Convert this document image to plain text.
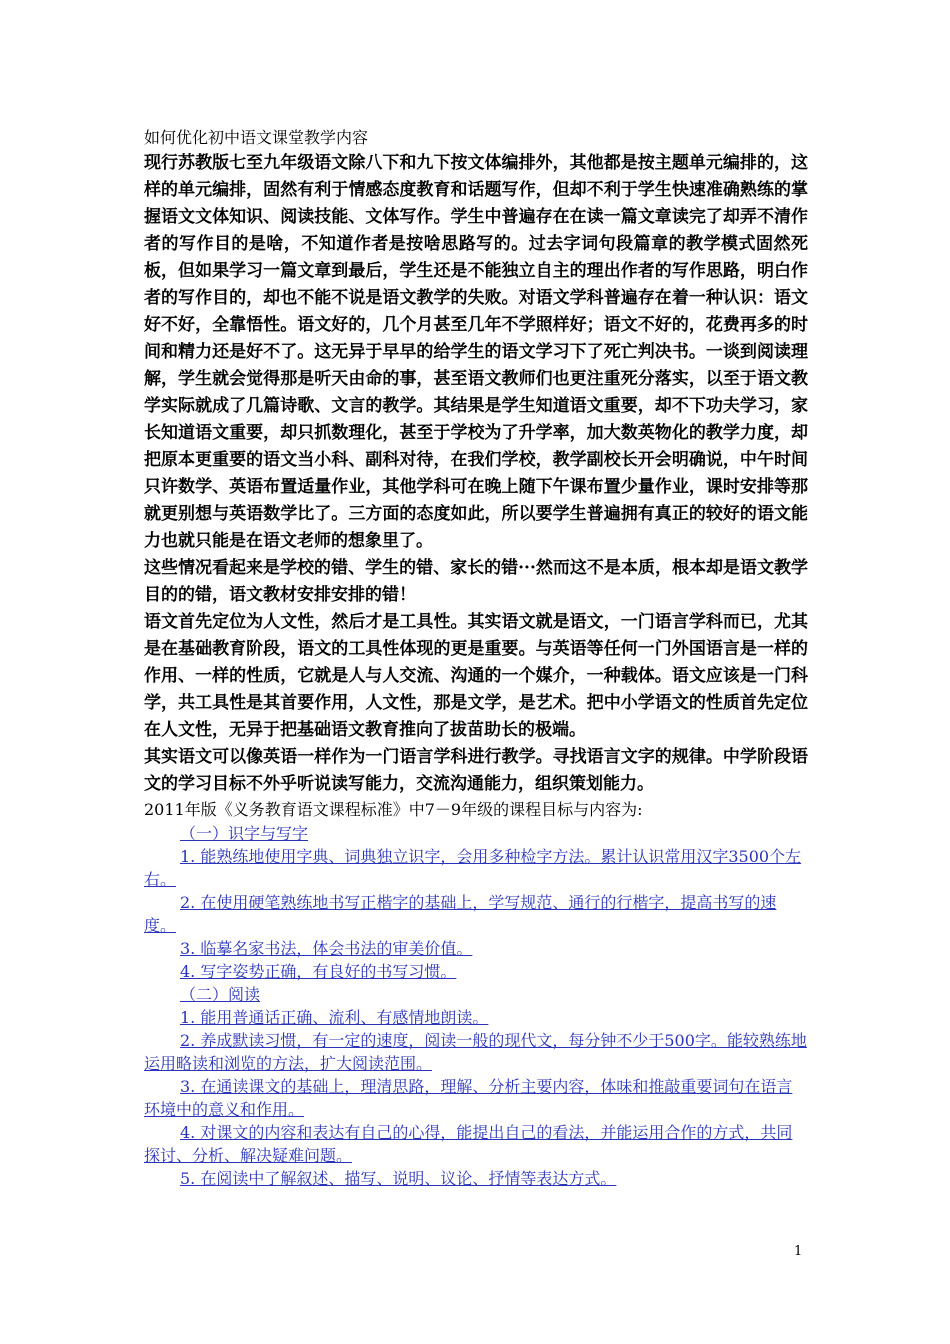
如何优化初中语文课堂教学内容

现行苏教版七至九年级语文除八下和九下按文体编排外，其他都是按主题单元编排的，这样的单元编排，固然有利于情感态度教育和话题写作，但却不利于学生快速准确熟练的掌握语文文体知识、阅读技能、文体写作。学生中普遍存在在读一篇文章读完了却弄不清作者的写作目的是啥，不知道作者是按啥思路写的。过去字词句段篇章的教学模式固然死板，但如果学习一篇文章到最后，学生还是不能独立自主的理出作者的写作思路，明白作者的写作目的，却也不能不说是语文教学的失败。对语文学科普遍存在着一种认识：语文好不好，全靠悟性。语文好的，几个月甚至几年不学照样好；语文不好的，花费再多的时间和精力还是好不了。这无异于早早的给学生的语文学习下了死亡判决书。一谈到阅读理解，学生就会觉得那是听天由命的事，甚至语文教师们也更注重死分落实，以至于语文教学实际就成了几篇诗歌、文言的教学。其结果是学生知道语文重要，却不下功夫学习，家长知道语文重要，却只抓数理化，甚至于学校为了升学率，加大数英物化的教学力度，却把原本更重要的语文当小科、副科对待，在我们学校，教学副校长开会明确说，中午时间只许数学、英语布置适量作业，其他学科可在晚上随下午课布置少量作业，课时安排等那就更别想与英语数学比了。三方面的态度如此，所以要学生普遍拥有真正的较好的语文能力也就只能是在语文老师的想象里了。

这些情况看起来是学校的错、学生的错、家长的错···然而这不是本质，根本却是语文教学目的的错，语文教材安排安排的错！

语文首先定位为人文性，然后才是工具性。其实语文就是语文，一门语言学科而已，尤其是在基础教育阶段，语文的工具性体现的更是重要。与英语等任何一门外国语言是一样的作用、一样的性质，它就是人与人交流、沟通的一个媒介，一种载体。语文应该是一门科学，共工具性是其首要作用，人文性，那是文学，是艺术。把中小学语文的性质首先定位在人文性，无异于把基础语文教育推向了拔苗助长的极端。

其实语文可以像英语一样作为一门语言学科进行教学。寻找语言文字的规律。中学阶段语文的学习目标不外乎听说读写能力，交流沟通能力，组织策划能力。

2011年版《义务教育语文课程标准》中7－9年级的课程目标与内容为:

（一）识字与写字

1. 能熟练地使用字典、词典独立识字，会用多种检字方法。累计认识常用汉字3500个左右。

2. 在使用硬笔熟练地书写正楷字的基础上，学写规范、通行的行楷字，提高书写的速度。

3. 临摹名家书法，体会书法的审美价值。

4. 写字姿势正确，有良好的书写习惯。

（二）阅读

1. 能用普通话正确、流利、有感情地朗读。

2. 养成默读习惯，有一定的速度，阅读一般的现代文，每分钟不少于500字。能较熟练地运用略读和浏览的方法，扩大阅读范围。

3. 在通读课文的基础上，理清思路，理解、分析主要内容，体味和推敲重要词句在语言环境中的意义和作用。

4. 对课文的内容和表达有自己的心得，能提出自己的看法，并能运用合作的方式，共同探讨、分析、解决疑难问题。

5. 在阅读中了解叙述、描写、说明、议论、抒情等表达方式。

1
